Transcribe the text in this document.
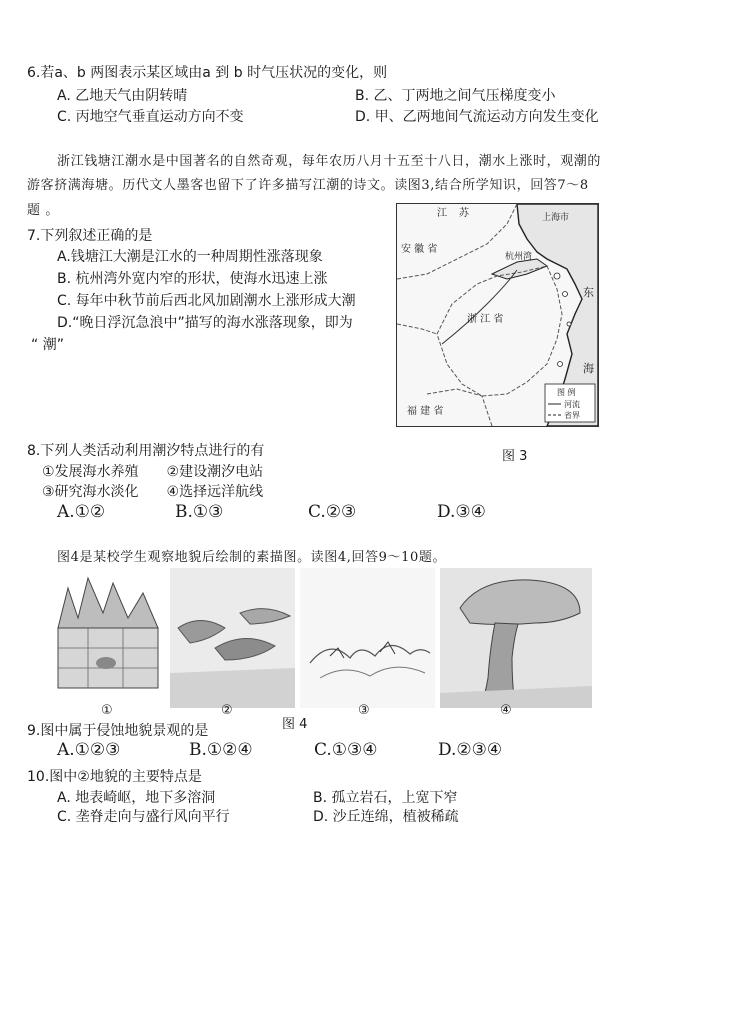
6.若a、b 两图表示某区域由a 到 b 时气压状况的变化，则
A. 乙地天气由阴转晴	B. 乙、丁两地之间气压梯度变小
C. 丙地空气垂直运动方向不变	D. 甲、乙两地间气流运动方向发生变化
浙江钱塘江潮水是中国著名的自然奇观，每年农历八月十五至十八日，潮水上涨时，观潮的
游客挤满海塘。历代文人墨客也留下了许多描写江潮的诗文。读图3,结合所学知识，回答7～8
题 。
7.下列叙述正确的是
A.钱塘江大潮是江水的一种周期性涨落现象
B. 杭州湾外宽内窄的形状，使海水迅速上涨
C. 每年中秋节前后西北风加剧潮水上涨形成大潮
D.“晚日浮沉急浪中”描写的海水涨落现象，即为
“ 潮”
江 苏
安 徽 省
上海市
杭州湾
浙 江 省
东
海
福 建 省
图 例
河流
省界
图 3
8.下列人类活动利用潮汐特点进行的有
①发展海水养殖　　②建设潮汐电站
③研究海水淡化　　④选择远洋航线
A.①②	B.①③	C.②③	D.③④
图4是某校学生观察地貌后绘制的素描图。读图4,回答9～10题。
①	②	③	④
图 4
9.图中属于侵蚀地貌景观的是
A.①②③	B.①②④	C.①③④	D.②③④
10.图中②地貌的主要特点是
A. 地表崎岖，地下多溶洞	B. 孤立岩石，上宽下窄
C. 垄脊走向与盛行风向平行	D. 沙丘连绵，植被稀疏
